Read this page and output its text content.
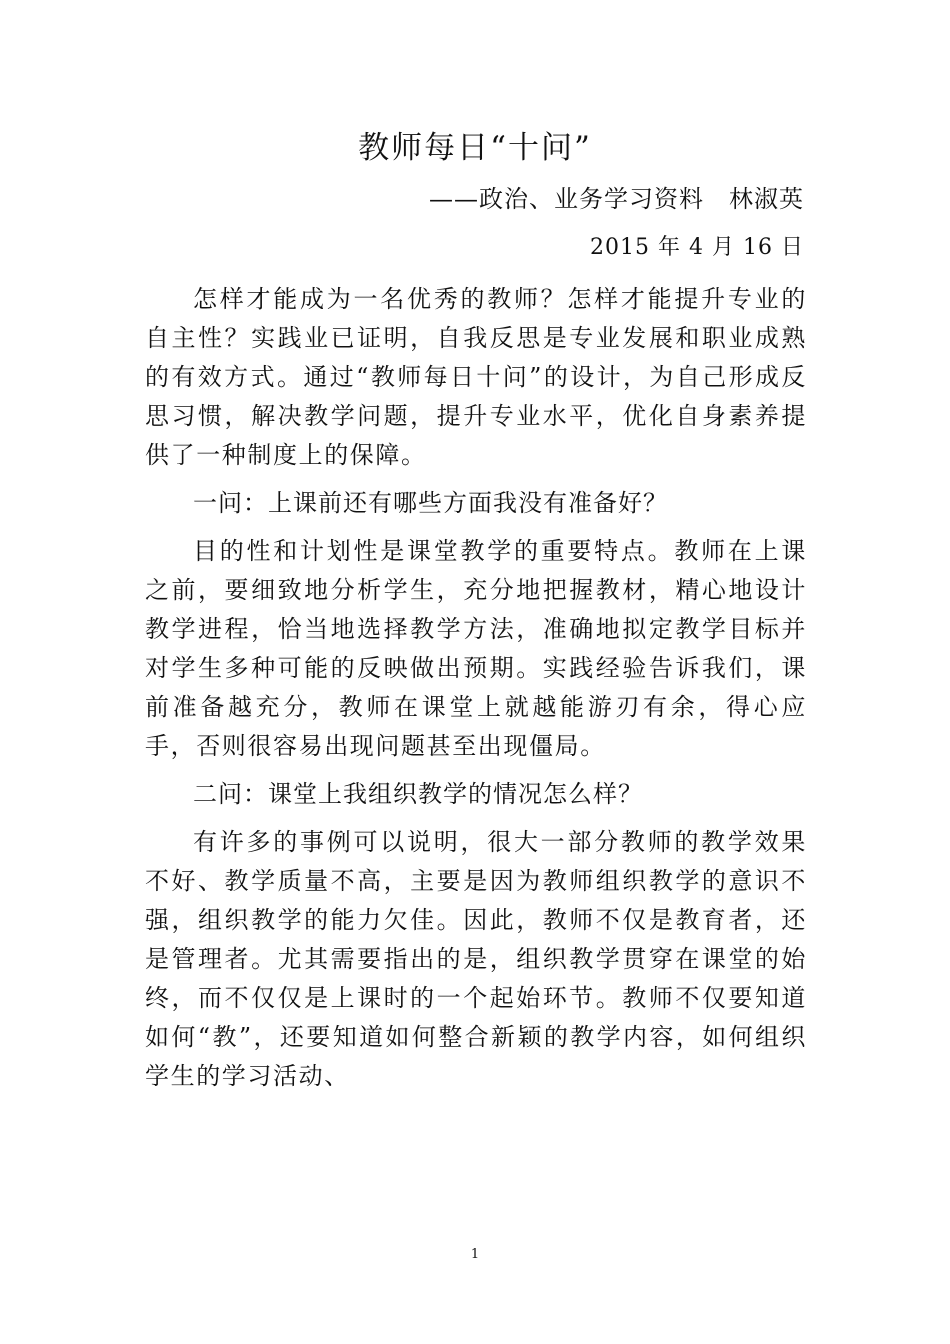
教师每日“十问”
——政治、业务学习资料　林淑英
2015 年 4 月 16 日

怎样才能成为一名优秀的教师？怎样才能提升专业的自主性？实践业已证明，自我反思是专业发展和职业成熟的有效方式。通过“教师每日十问”的设计，为自己形成反思习惯，解决教学问题，提升专业水平，优化自身素养提供了一种制度上的保障。

一问：上课前还有哪些方面我没有准备好？

目的性和计划性是课堂教学的重要特点。教师在上课之前，要细致地分析学生，充分地把握教材，精心地设计教学进程，恰当地选择教学方法，准确地拟定教学目标并对学生多种可能的反映做出预期。实践经验告诉我们，课前准备越充分，教师在课堂上就越能游刃有余，得心应手，否则很容易出现问题甚至出现僵局。

二问：课堂上我组织教学的情况怎么样？

有许多的事例可以说明，很大一部分教师的教学效果不好、教学质量不高，主要是因为教师组织教学的意识不强，组织教学的能力欠佳。因此，教师不仅是教育者，还是管理者。尤其需要指出的是，组织教学贯穿在课堂的始终，而不仅仅是上课时的一个起始环节。教师不仅要知道如何“教”，还要知道如何整合新颖的教学内容，如何组织学生的学习活动、

1
